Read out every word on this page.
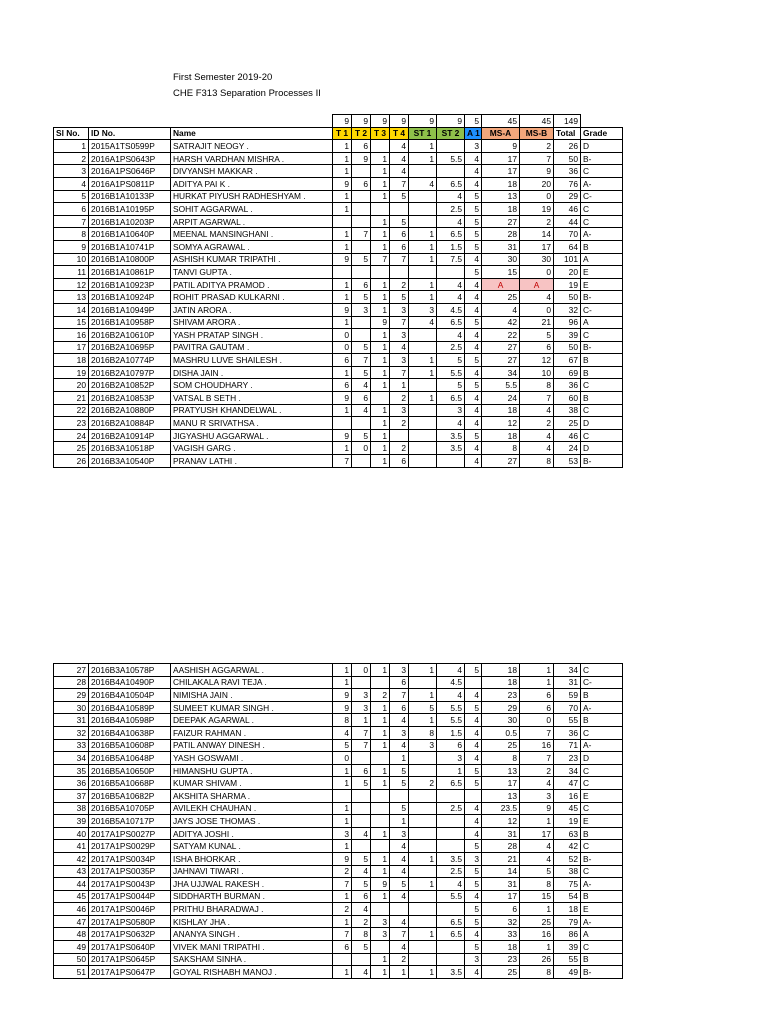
First Semester 2019-20
CHE F313 Separation Processes II
			9	9	9	9	9	9	5	45	45	149	
Sl No.	ID No.	Name	T 1	T 2	T 3	T 4	ST 1	ST 2	A 1	MS-A	MS-B	Total	Grade
1	2015A1TS0599P	SATRAJIT NEOGY .	1	6		4	1		3	9	2	26	D
2	2016A1PS0643P	HARSH VARDHAN MISHRA .	1	9	1	4	1	5.5	4	17	7	50	B-
3	2016A1PS0646P	DIVYANSH MAKKAR .	1		1	4			4	17	9	36	C
4	2016A1PS0811P	ADITYA PAI K .	9	6	1	7	4	6.5	4	18	20	76	A-
5	2016B1A10133P	HURKAT PIYUSH RADHESHYAM .	1		1	5		4	5	13	0	29	C-
6	2016B1A10195P	SOHIT AGGARWAL .	1					2.5	5	18	19	46	C
7	2016B1A10203P	ARPIT AGARWAL .			1	5		4	5	27	2	44	C
8	2016B1A10640P	MEENAL MANSINGHANI .	1	7	1	6	1	6.5	5	28	14	70	A-
9	2016B1A10741P	SOMYA AGRAWAL .	1		1	6	1	1.5	5	31	17	64	B
10	2016B1A10800P	ASHISH KUMAR TRIPATHI .	9	5	7	7	1	7.5	4	30	30	101	A
11	2016B1A10861P	TANVI GUPTA .							5	15	0	20	E
12	2016B1A10923P	PATIL ADITYA PRAMOD .	1	6	1	2	1	4	4	A	A	19	E
13	2016B1A10924P	ROHIT PRASAD KULKARNI .	1	5	1	5	1	4	4	25	4	50	B-
14	2016B1A10949P	JATIN ARORA .	9	3	1	3	3	4.5	4	4	0	32	C-
15	2016B1A10958P	SHIVAM ARORA .	1		9	7	4	6.5	5	42	21	96	A
16	2016B2A10610P	YASH PRATAP SINGH .	0		1	3		4	4	22	5	39	C
17	2016B2A10695P	PAVITRA GAUTAM .	0	5	1	4		2.5	4	27	6	50	B-
18	2016B2A10774P	MASHRU LUVE SHAILESH .	6	7	1	3	1	5	5	27	12	67	B
19	2016B2A10797P	DISHA JAIN .	1	5	1	7	1	5.5	4	34	10	69	B
20	2016B2A10852P	SOM CHOUDHARY .	6	4	1	1		5	5	5.5	8	36	C
21	2016B2A10853P	VATSAL B SETH .	9	6		2	1	6.5	4	24	7	60	B
22	2016B2A10880P	PRATYUSH KHANDELWAL .	1	4	1	3		3	4	18	4	38	C
23	2016B2A10884P	MANU R SRIVATHSA .			1	2		4	4	12	2	25	D
24	2016B2A10914P	JIGYASHU AGGARWAL .	9	5	1			3.5	5	18	4	46	C
25	2016B3A10518P	VAGISH GARG .	1	0	1	2		3.5	4	8	4	24	D
26	2016B3A10540P	PRANAV LATHI .	7		1	6			4	27	8	53	B-
27	2016B3A10578P	AASHISH AGGARWAL .	1	0	1	3	1	4	5	18	1	34	C
28	2016B4A10490P	CHILAKALA RAVI TEJA .	1			6		4.5		18	1	31	C-
29	2016B4A10504P	NIMISHA JAIN .	9	3	2	7	1	4	4	23	6	59	B
30	2016B4A10589P	SUMEET KUMAR SINGH .	9	3	1	6	5	5.5	5	29	6	70	A-
31	2016B4A10598P	DEEPAK AGARWAL .	8	1	1	4	1	5.5	4	30	0	55	B
32	2016B4A10638P	FAIZUR RAHMAN .	4	7	1	3	8	1.5	4	0.5	7	36	C
33	2016B5A10608P	PATIL ANWAY DINESH .	5	7	1	4	3	6	4	25	16	71	A-
34	2016B5A10648P	YASH GOSWAMI .	0			1		3	4	8	7	23	D
35	2016B5A10650P	HIMANSHU GUPTA .	1	6	1	5		1	5	13	2	34	C
36	2016B5A10668P	KUMAR SHIVAM .	1	5	1	5	2	6.5	5	17	4	47	C
37	2016B5A10682P	AKSHITA SHARMA .								13	3	16	E
38	2016B5A10705P	AVILEKH CHAUHAN .	1			5		2.5	4	23.5	9	45	C
39	2016B5A10717P	JAYS JOSE THOMAS .	1			1			4	12	1	19	E
40	2017A1PS0027P	ADITYA JOSHI .	3	4	1	3			4	31	17	63	B
41	2017A1PS0029P	SATYAM KUNAL .	1			4			5	28	4	42	C
42	2017A1PS0034P	ISHA BHORKAR .	9	5	1	4	1	3.5	3	21	4	52	B-
43	2017A1PS0035P	JAHNAVI TIWARI .	2	4	1	4		2.5	5	14	5	38	C
44	2017A1PS0043P	JHA UJJWAL RAKESH .	7	5	9	5	1	4	5	31	8	75	A-
45	2017A1PS0044P	SIDDHARTH BURMAN .	1	6	1	4		5.5	4	17	15	54	B
46	2017A1PS0046P	PRITHU BHARADWAJ .	2	4					5	6	1	18	E
47	2017A1PS0580P	KISHLAY JHA .	1	2	3	4		6.5	5	32	25	79	A-
48	2017A1PS0632P	ANANYA SINGH .	7	8	3	7	1	6.5	4	33	16	86	A
49	2017A1PS0640P	VIVEK MANI TRIPATHI .	6	5		4			5	18	1	39	C
50	2017A1PS0645P	SAKSHAM SINHA .			1	2			3	23	26	55	B
51	2017A1PS0647P	GOYAL RISHABH MANOJ .	1	4	1	1	1	3.5	4	25	8	49	B-
